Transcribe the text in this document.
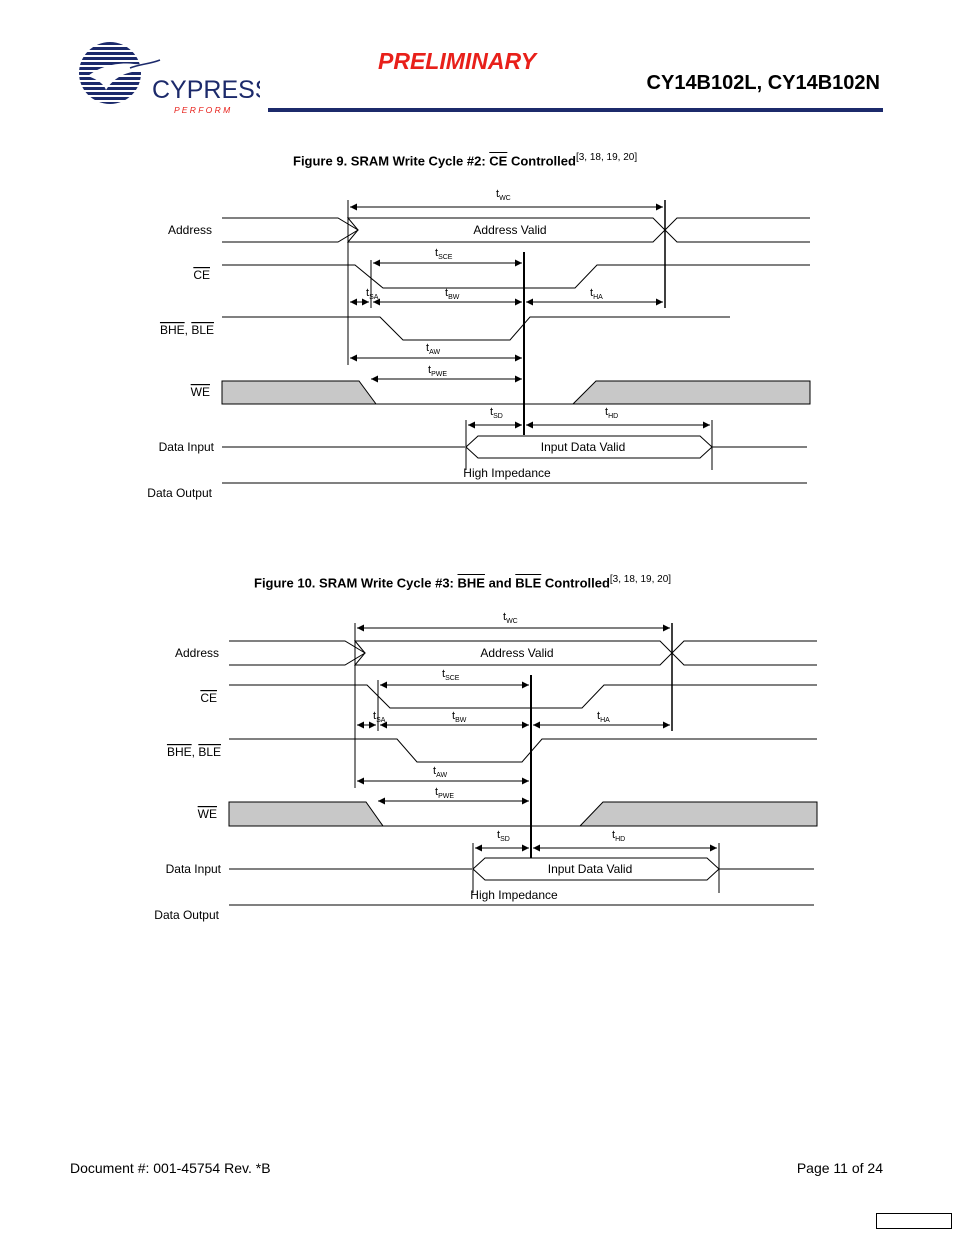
CYPRESS
P E R F O R M
PRELIMINARY
CY14B102L, CY14B102N
Figure 9. SRAM Write Cycle #2: $\overline{CE}$ Controlled[3, 18, 19, 20]
Address
CE
BHE, BLE
WE
Data Input
Data Output
$t_{WC}$
$t_{SCE}$
$t_{SA}$	$t_{BW}$	$t_{HA}$
$t_{AW}$
$t_{PWE}$
$t_{SD}$	$t_{HD}$
Address Valid
Input Data Valid
High Impedance
Figure 10. SRAM Write Cycle #3: $\overline{BHE}$ and $\overline{BLE}$ Controlled[3, 18, 19, 20]
Address
CE
BHE, BLE
WE
Data Input
Data Output
$t_{WC}$
$t_{SCE}$
$t_{SA}$	$t_{BW}$	$t_{HA}$
$t_{AW}$
$t_{PWE}$
$t_{SD}$	$t_{HD}$
Address Valid
Input Data Valid
High Impedance
Document #: 001-45754 Rev. *B	Page 11 of 24
